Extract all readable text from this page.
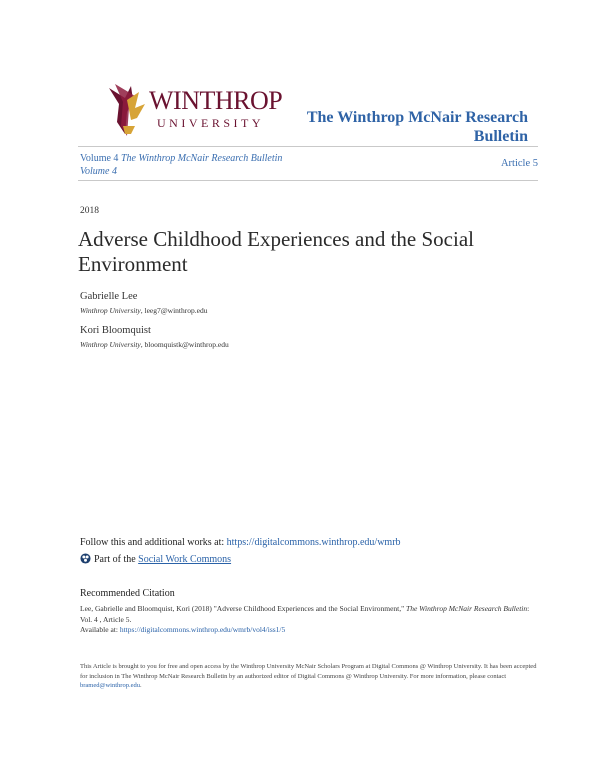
WINTHROP
UNIVERSITY	The Winthrop McNair Research Bulletin
Volume 4 The Winthrop McNair Research Bulletin
Volume 4
Article 5
2018
Adverse Childhood Experiences and the Social Environment
Gabrielle Lee
Winthrop University, leeg7@winthrop.edu
Kori Bloomquist
Winthrop University, bloomquistk@winthrop.edu
Follow this and additional works at: https://digitalcommons.winthrop.edu/wmrb
Part of the Social Work Commons
Recommended Citation
Lee, Gabrielle and Bloomquist, Kori (2018) "Adverse Childhood Experiences and the Social Environment," The Winthrop McNair Research Bulletin: Vol. 4 , Article 5.
Available at: https://digitalcommons.winthrop.edu/wmrb/vol4/iss1/5
This Article is brought to you for free and open access by the Winthrop University McNair Scholars Program at Digital Commons @ Winthrop University. It has been accepted for inclusion in The Winthrop McNair Research Bulletin by an authorized editor of Digital Commons @ Winthrop University. For more information, please contact bramed@winthrop.edu.
